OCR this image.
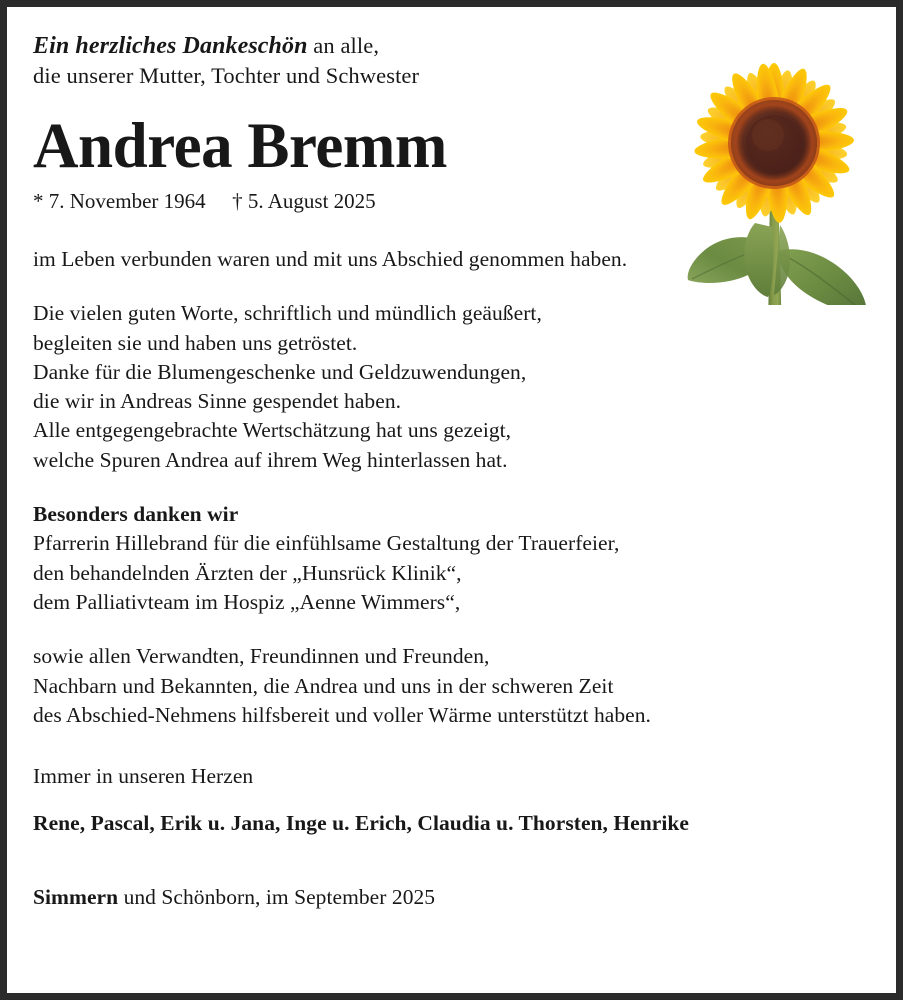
Ein herzliches Dankeschön an alle,
die unserer Mutter, Tochter und Schwester
Andrea Bremm
* 7. November 1964 † 5. August 2025

im Leben verbunden waren und mit uns Abschied genommen haben.

Die vielen guten Worte, schriftlich und mündlich geäußert,
begleiten sie und haben uns getröstet.
Danke für die Blumengeschenke und Geldzuwendungen,
die wir in Andreas Sinne gespendet haben.
Alle entgegengebrachte Wertschätzung hat uns gezeigt,
welche Spuren Andrea auf ihrem Weg hinterlassen hat.

Besonders danken wir
Pfarrerin Hillebrand für die einfühlsame Gestaltung der Trauerfeier,
den behandelnden Ärzten der „Hunsrück Klinik“,
dem Palliativteam im Hospiz „Aenne Wimmers“,

sowie allen Verwandten, Freundinnen und Freunden,
Nachbarn und Bekannten, die Andrea und uns in der schweren Zeit
des Abschied-Nehmens hilfsbereit und voller Wärme unterstützt haben.

Immer in unseren Herzen
Rene, Pascal, Erik u. Jana, Inge u. Erich, Claudia u. Thorsten, Henrike
Simmern und Schönborn, im September 2025
